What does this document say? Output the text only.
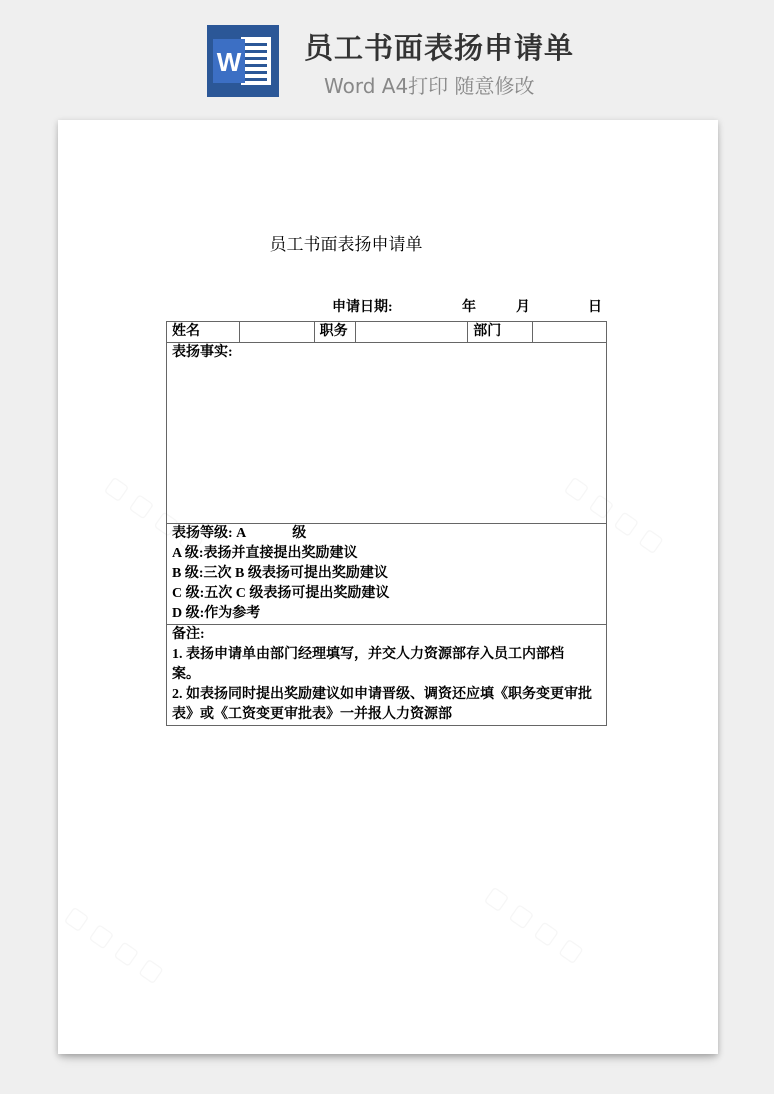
W 员工书面表扬申请单
Word A4打印 随意修改
员工书面表扬申请单
申请日期:	年	月	日
姓名		职务		部门	

表扬事实:

表扬等级: A	级
A 级:表扬并直接提出奖励建议
B 级:三次 B 级表扬可提出奖励建议
C 级:五次 C 级表扬可提出奖励建议
D 级:作为参考

备注:
1. 表扬申请单由部门经理填写，并交人力资源部存入员工内部档　　案。
2. 如表扬同时提出奖励建议如申请晋级、调资还应填《职务变更审批表》或《工资变更审批表》一并报人力资源部
